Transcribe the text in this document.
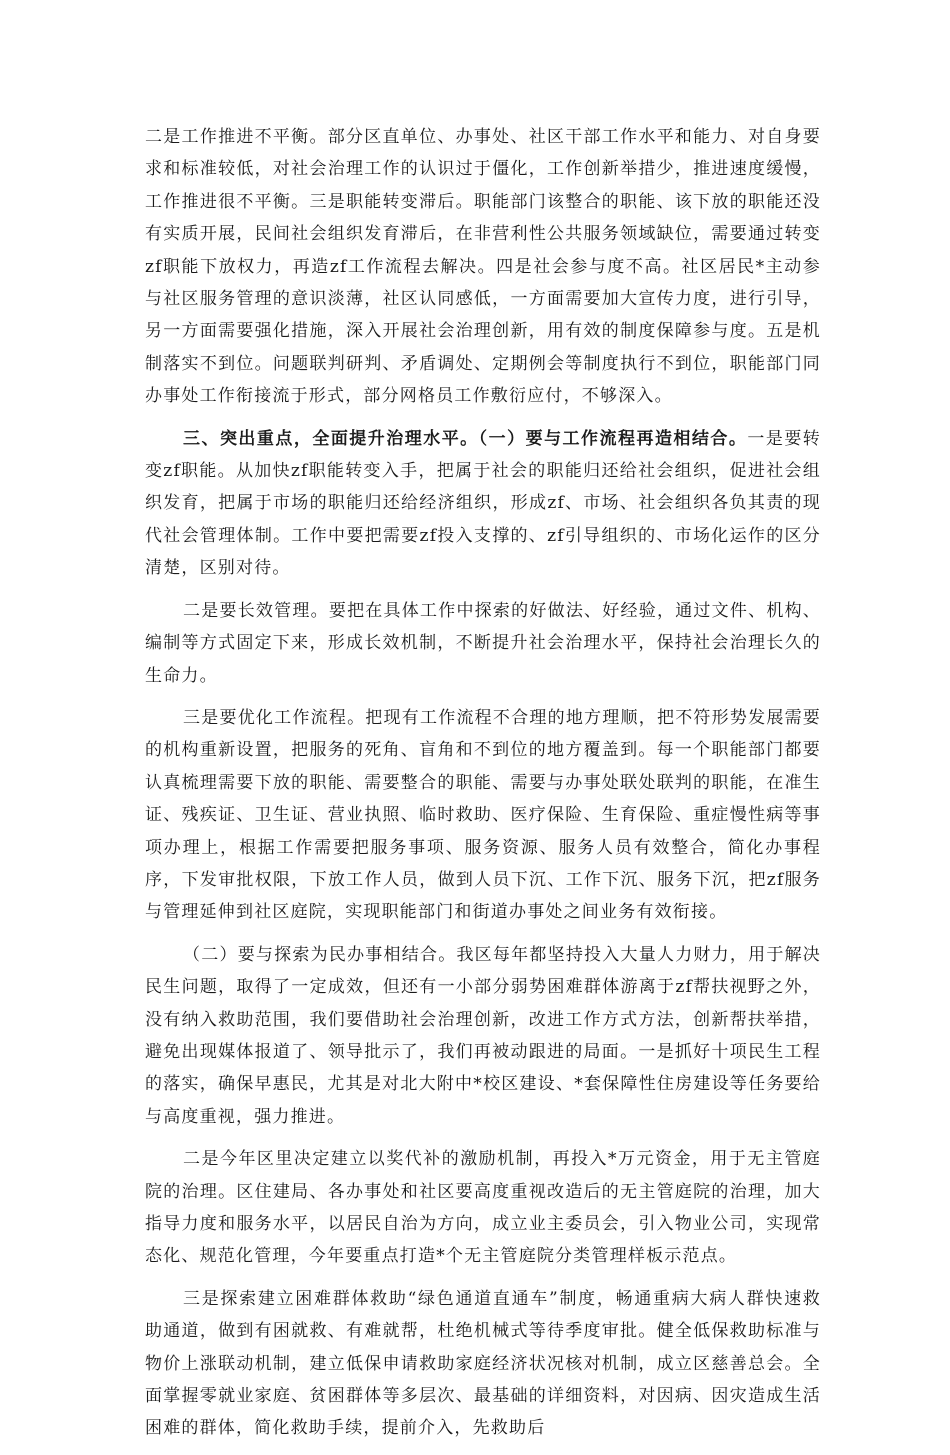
二是工作推进不平衡。部分区直单位、办事处、社区干部工作水平和能力、对自身要求和标准较低，对社会治理工作的认识过于僵化，工作创新举措少，推进速度缓慢，工作推进很不平衡。三是职能转变滞后。职能部门该整合的职能、该下放的职能还没有实质开展，民间社会组织发育滞后，在非营利性公共服务领域缺位，需要通过转变zf职能下放权力，再造zf工作流程去解决。四是社会参与度不高。社区居民*主动参与社区服务管理的意识淡薄，社区认同感低，一方面需要加大宣传力度，进行引导，另一方面需要强化措施，深入开展社会治理创新，用有效的制度保障参与度。五是机制落实不到位。问题联判研判、矛盾调处、定期例会等制度执行不到位，职能部门同办事处工作衔接流于形式，部分网格员工作敷衍应付，不够深入。

三、突出重点，全面提升治理水平。（一）要与工作流程再造相结合。一是要转变zf职能。从加快zf职能转变入手，把属于社会的职能归还给社会组织，促进社会组织发育，把属于市场的职能归还给经济组织，形成zf、市场、社会组织各负其责的现代社会管理体制。工作中要把需要zf投入支撑的、zf引导组织的、市场化运作的区分清楚，区别对待。

二是要长效管理。要把在具体工作中探索的好做法、好经验，通过文件、机构、编制等方式固定下来，形成长效机制，不断提升社会治理水平，保持社会治理长久的生命力。

三是要优化工作流程。把现有工作流程不合理的地方理顺，把不符形势发展需要的机构重新设置，把服务的死角、盲角和不到位的地方覆盖到。每一个职能部门都要认真梳理需要下放的职能、需要整合的职能、需要与办事处联处联判的职能，在准生证、残疾证、卫生证、营业执照、临时救助、医疗保险、生育保险、重症慢性病等事项办理上，根据工作需要把服务事项、服务资源、服务人员有效整合，简化办事程序，下发审批权限，下放工作人员，做到人员下沉、工作下沉、服务下沉，把zf服务与管理延伸到社区庭院，实现职能部门和街道办事处之间业务有效衔接。

（二）要与探索为民办事相结合。我区每年都坚持投入大量人力财力，用于解决民生问题，取得了一定成效，但还有一小部分弱势困难群体游离于zf帮扶视野之外，没有纳入救助范围，我们要借助社会治理创新，改进工作方式方法，创新帮扶举措，避免出现媒体报道了、领导批示了，我们再被动跟进的局面。一是抓好十项民生工程的落实，确保早惠民，尤其是对北大附中*校区建设、*套保障性住房建设等任务要给与高度重视，强力推进。

二是今年区里决定建立以奖代补的激励机制，再投入*万元资金，用于无主管庭院的治理。区住建局、各办事处和社区要高度重视改造后的无主管庭院的治理，加大指导力度和服务水平，以居民自治为方向，成立业主委员会，引入物业公司，实现常态化、规范化管理，今年要重点打造*个无主管庭院分类管理样板示范点。

三是探索建立困难群体救助“绿色通道直通车”制度，畅通重病大病人群快速救助通道，做到有困就救、有难就帮，杜绝机械式等待季度审批。健全低保救助标准与物价上涨联动机制，建立低保申请救助家庭经济状况核对机制，成立区慈善总会。全面掌握零就业家庭、贫困群体等多层次、最基础的详细资料，对因病、因灾造成生活困难的群体，简化救助手续，提前介入，先救助后
